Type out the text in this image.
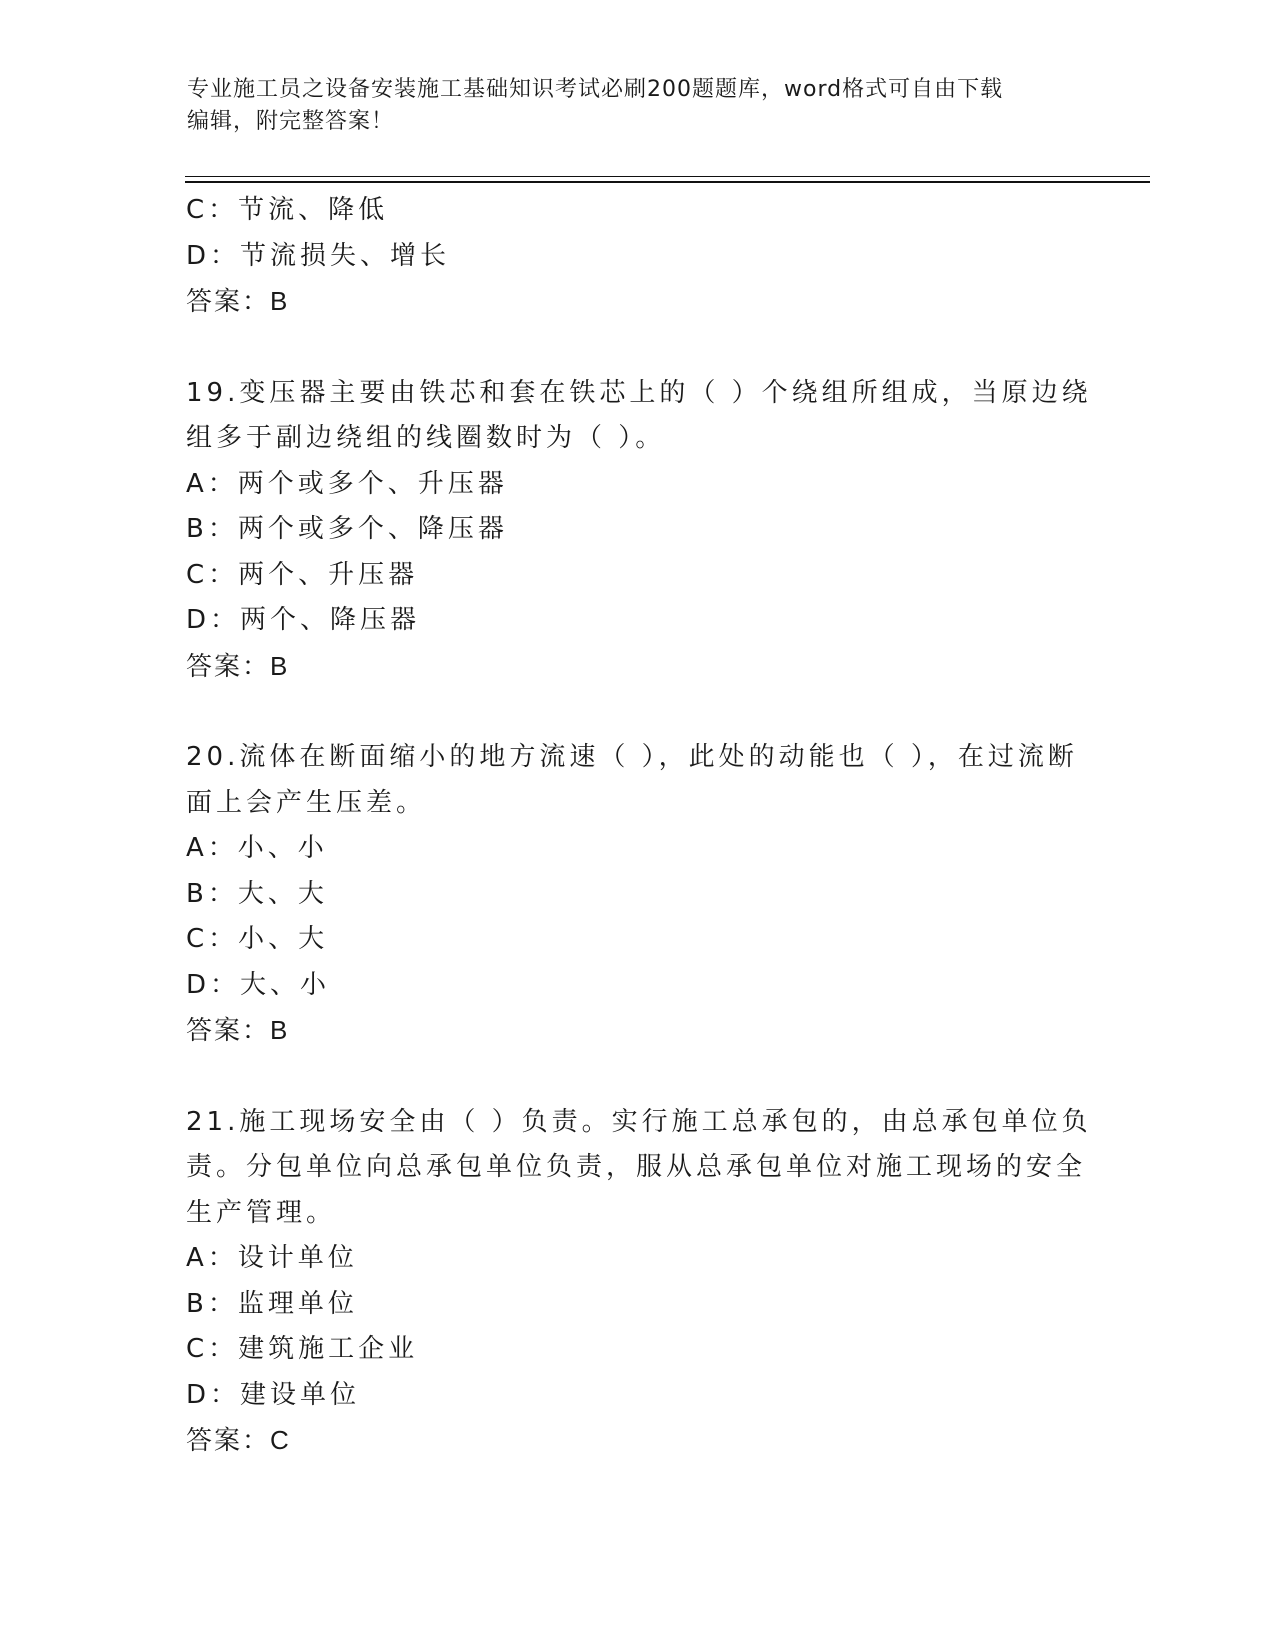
专业施工员之设备安装施工基础知识考试必刷200题题库，word格式可自由下载
编辑，附完整答案！
C：节流、降低
D：节流损失、增长
答案：B
19.变压器主要由铁芯和套在铁芯上的（ ）个绕组所组成，当原边绕
组多于副边绕组的线圈数时为（ ）。
A：两个或多个、升压器
B：两个或多个、降压器
C：两个、升压器
D：两个、降压器
答案：B
20.流体在断面缩小的地方流速（ ），此处的动能也（ ），在过流断
面上会产生压差。
A：小、小
B：大、大
C：小、大
D：大、小
答案：B
21.施工现场安全由（ ）负责。实行施工总承包的，由总承包单位负
责。分包单位向总承包单位负责，服从总承包单位对施工现场的安全
生产管理。
A：设计单位
B：监理单位
C：建筑施工企业
D：建设单位
答案：C
